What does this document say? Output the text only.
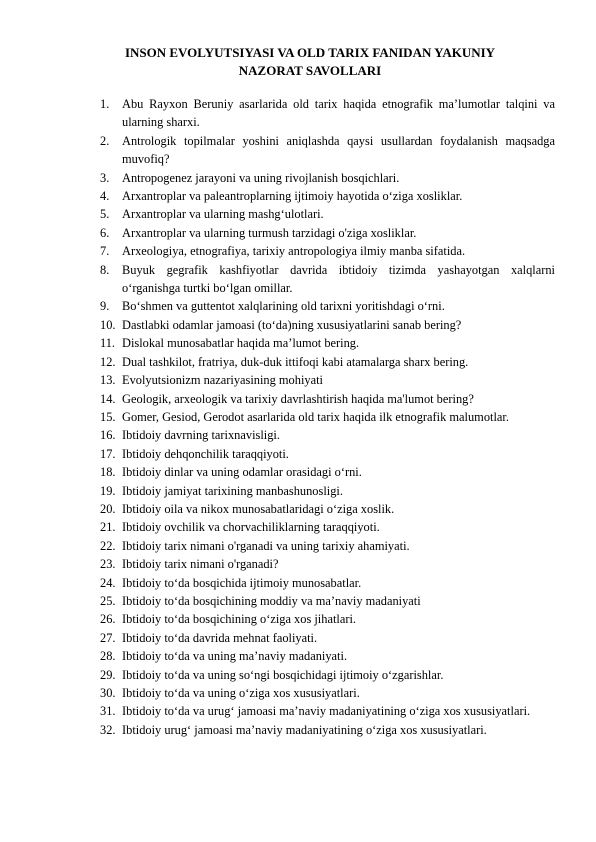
INSON EVOLYUTSIYASI VA OLD TARIX FANIDAN YAKUNIY NAZORAT SAVOLLARI
1. Abu Rayxon Beruniy asarlarida old tarix haqida etnografik ma’lumotlar talqini va ularning sharxi.
2. Antrologik topilmalar yoshini aniqlashda qaysi usullardan foydalanish maqsadga muvofiq?
3. Antropogenez jarayoni va uning rivojlanish bosqichlari.
4. Arxantroplar va paleantroplarning ijtimoiy hayotida o‘ziga xosliklar.
5. Arxantroplar va ularning mashg‘ulotlari.
6. Arxantroplar va ularning turmush tarzidagi o'ziga xosliklar.
7. Arxeologiya, etnografiya, tarixiy antropologiya ilmiy manba sifatida.
8. Buyuk gegrafik kashfiyotlar davrida ibtidoiy tizimda yashayotgan xalqlarni o‘rganishga turtki bo‘lgan omillar.
9. Bo‘shmen va guttentot xalqlarining old tarixni yoritishdagi o‘rni.
10. Dastlabki odamlar jamoasi (to‘da)ning xususiyatlarini sanab bering?
11. Dislokal munosabatlar haqida ma’lumot bering.
12. Dual tashkilot, fratriya, duk-duk ittifoqi kabi atamalarga sharx bering.
13. Evolyutsionizm nazariyasining mohiyati
14. Geologik, arxeologik va tarixiy davrlashtirish haqida ma'lumot bering?
15. Gomer, Gesiod, Gerodot asarlarida old tarix haqida ilk etnografik malumotlar.
16. Ibtidoiy davrning tarixnavisligi.
17. Ibtidoiy dehqonchilik taraqqiyoti.
18. Ibtidoiy dinlar va uning odamlar orasidagi o‘rni.
19. Ibtidoiy jamiyat tarixining manbashunosligi.
20. Ibtidoiy oila va nikox munosabatlaridagi o‘ziga xoslik.
21. Ibtidoiy ovchilik va chorvachiliklarning taraqqiyoti.
22. Ibtidoiy tarix nimani o'rganadi va uning tarixiy ahamiyati.
23. Ibtidoiy tarix nimani o'rganadi?
24. Ibtidoiy to‘da bosqichida ijtimoiy munosabatlar.
25. Ibtidoiy to‘da bosqichining moddiy va ma’naviy madaniyati
26. Ibtidoiy to‘da bosqichining o‘ziga xos jihatlari.
27. Ibtidoiy to‘da davrida mehnat faoliyati.
28. Ibtidoiy to‘da va uning ma’naviy madaniyati.
29. Ibtidoiy to‘da va uning so‘ngi bosqichidagi ijtimoiy o‘zgarishlar.
30. Ibtidoiy to‘da va uning o‘ziga xos xususiyatlari.
31. Ibtidoiy to‘da va urug‘ jamoasi ma’naviy madaniyatining o‘ziga xos xususiyatlari.
32. Ibtidoiy urug‘ jamoasi ma’naviy madaniyatining o‘ziga xos xususiyatlari.
